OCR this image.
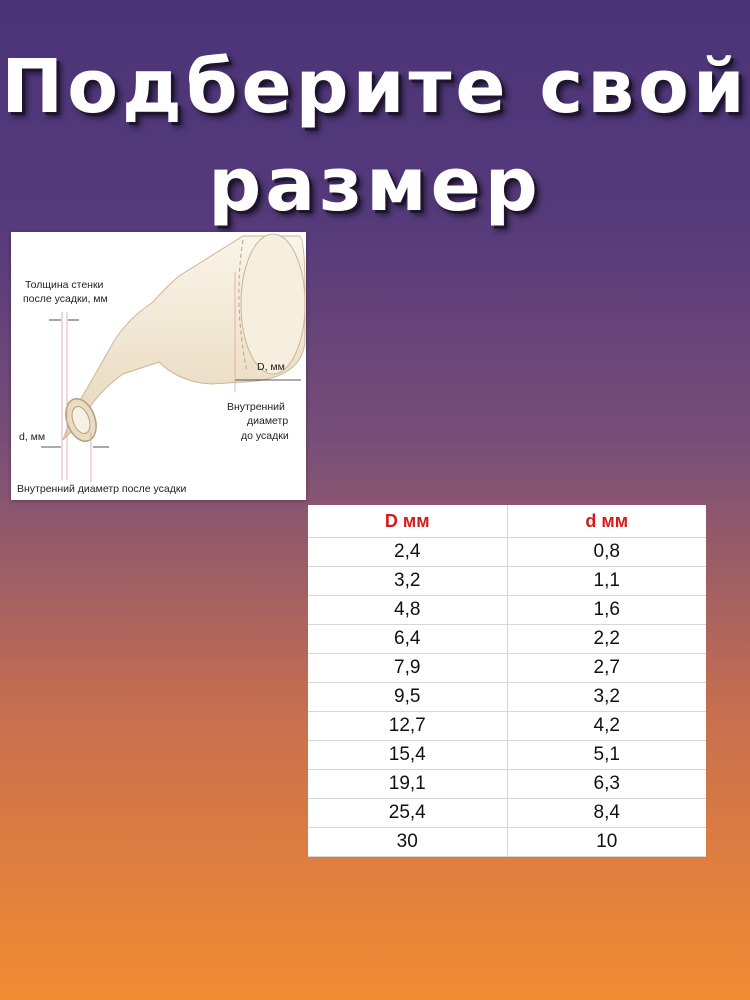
Подберите свой
размер
Толщина стенки
после усадки, мм
D, мм
Внутренний
диаметр
до усадки
d, мм
Внутренний диаметр после усадки
D мм	d мм
2,4	0,8
3,2	1,1
4,8	1,6
6,4	2,2
7,9	2,7
9,5	3,2
12,7	4,2
15,4	5,1
19,1	6,3
25,4	8,4
30	10
